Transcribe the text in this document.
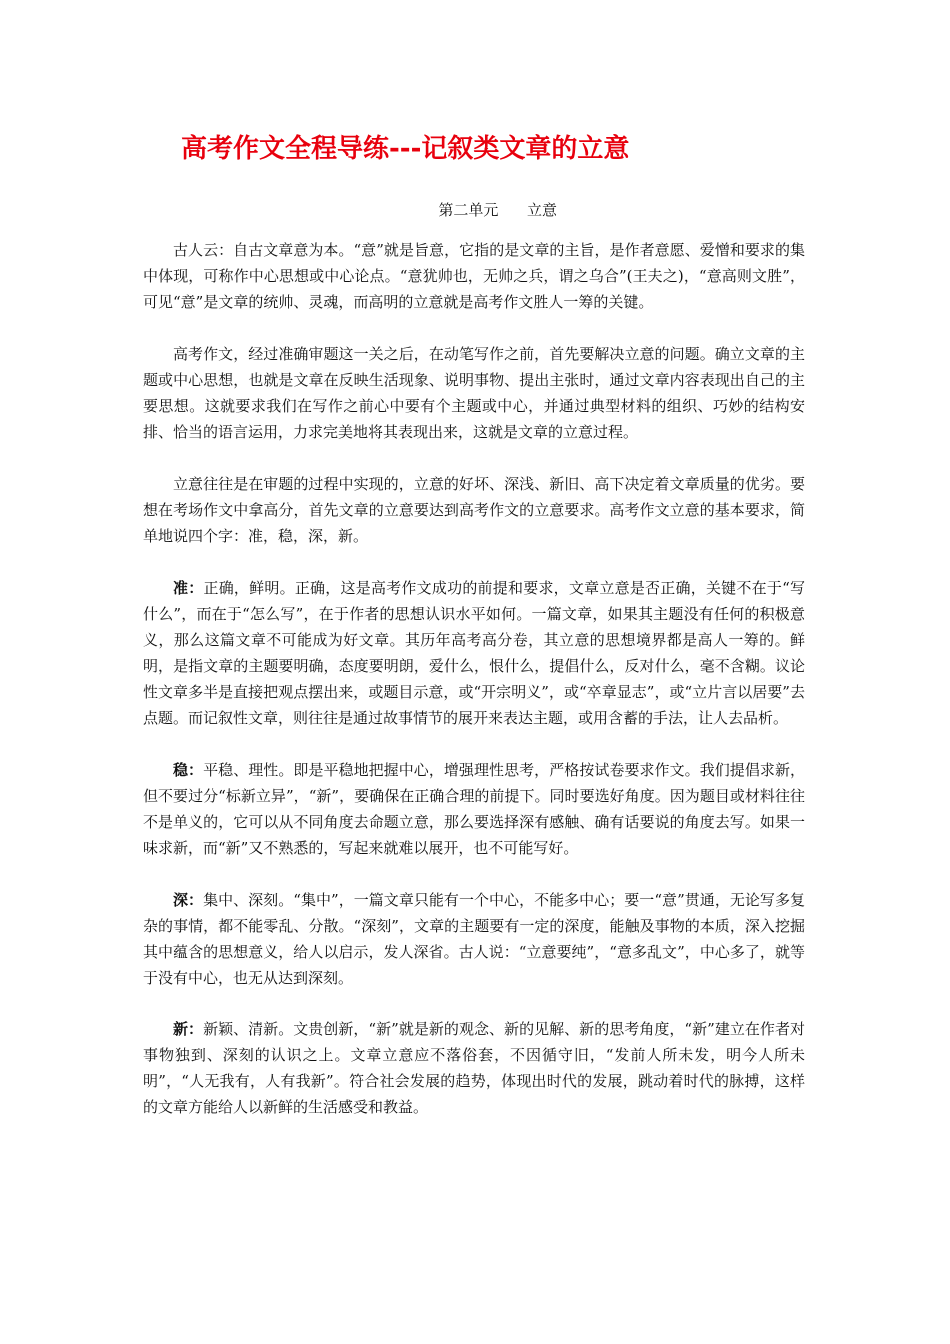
高考作文全程导练---记叙类文章的立意
第二单元      立意

古人云：自古文章意为本。“意”就是旨意，它指的是文章的主旨，是作者意愿、爱憎和要求的集中体现，可称作中心思想或中心论点。“意犹帅也，无帅之兵，谓之乌合”(王夫之)，“意高则文胜”，可见“意”是文章的统帅、灵魂，而高明的立意就是高考作文胜人一筹的关键。

高考作文，经过准确审题这一关之后，在动笔写作之前，首先要解决立意的问题。确立文章的主题或中心思想，也就是文章在反映生活现象、说明事物、提出主张时，通过文章内容表现出自己的主要思想。这就要求我们在写作之前心中要有个主题或中心，并通过典型材料的组织、巧妙的结构安排、恰当的语言运用，力求完美地将其表现出来，这就是文章的立意过程。

立意往往是在审题的过程中实现的，立意的好坏、深浅、新旧、高下决定着文章质量的优劣。要想在考场作文中拿高分，首先文章的立意要达到高考作文的立意要求。高考作文立意的基本要求，简单地说四个字：准，稳，深，新。

准：正确，鲜明。正确，这是高考作文成功的前提和要求，文章立意是否正确，关键不在于“写什么”，而在于“怎么写”，在于作者的思想认识水平如何。一篇文章，如果其主题没有任何的积极意义，那么这篇文章不可能成为好文章。其历年高考高分卷，其立意的思想境界都是高人一筹的。鲜明，是指文章的主题要明确，态度要明朗，爱什么，恨什么，提倡什么，反对什么，毫不含糊。议论性文章多半是直接把观点摆出来，或题目示意，或“开宗明义”，或“卒章显志”，或“立片言以居要”去点题。而记叙性文章，则往往是通过故事情节的展开来表达主题，或用含蓄的手法，让人去品析。

稳：平稳、理性。即是平稳地把握中心，增强理性思考，严格按试卷要求作文。我们提倡求新，但不要过分“标新立异”，“新”，要确保在正确合理的前提下。同时要选好角度。因为题目或材料往往不是单义的，它可以从不同角度去命题立意，那么要选择深有感触、确有话要说的角度去写。如果一味求新，而“新”又不熟悉的，写起来就难以展开，也不可能写好。

深：集中、深刻。“集中”，一篇文章只能有一个中心，不能多中心；要一“意”贯通，无论写多复杂的事情，都不能零乱、分散。“深刻”，文章的主题要有一定的深度，能触及事物的本质，深入挖掘其中蕴含的思想意义，给人以启示，发人深省。古人说：“立意要纯”，“意多乱文”，中心多了，就等于没有中心，也无从达到深刻。

新：新颖、清新。文贵创新，“新”就是新的观念、新的见解、新的思考角度，“新”建立在作者对事物独到、深刻的认识之上。文章立意应不落俗套，不因循守旧，“发前人所未发，明今人所未明”，“人无我有，人有我新”。符合社会发展的趋势，体现出时代的发展，跳动着时代的脉搏，这样的文章方能给人以新鲜的生活感受和教益。
